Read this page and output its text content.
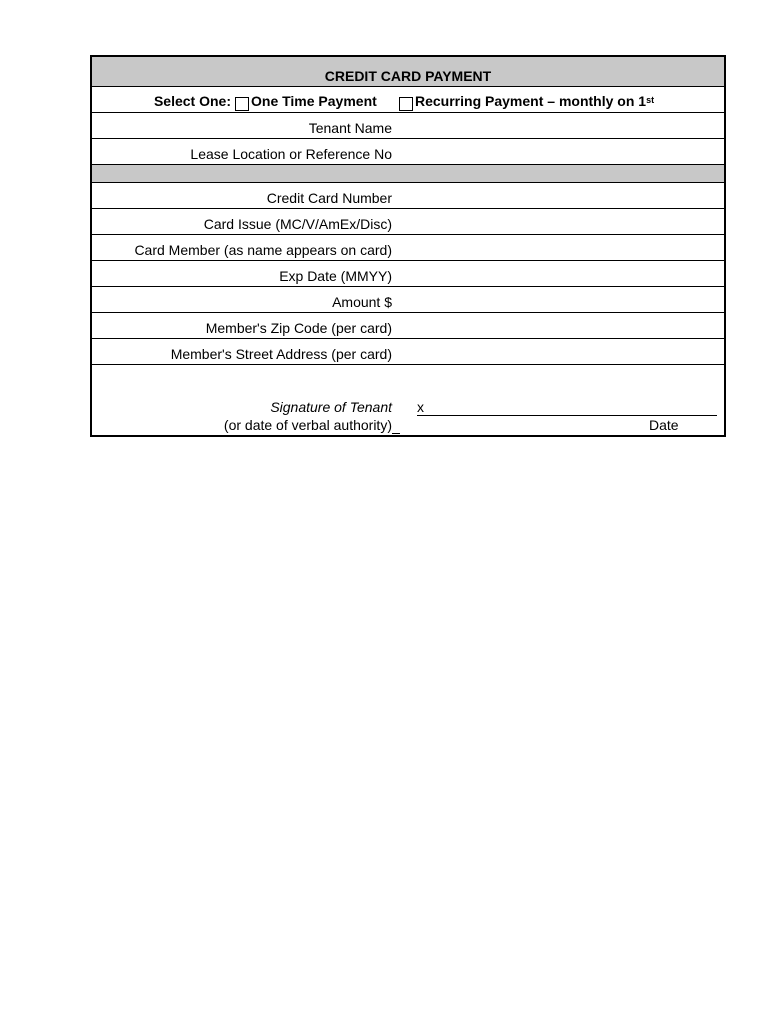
CREDIT CARD PAYMENT
Select One: One Time Payment	Recurring Payment – monthly on 1st
Tenant Name
Lease Location or Reference No
Credit Card Number
Card Issue (MC/V/AmEx/Disc)
Card Member (as name appears on card)
Exp Date (MMYY)
Amount $
Member's Zip Code (per card)
Member's Street Address (per card)
Signature of Tenant
(or date of verbal authority)
x
Date
